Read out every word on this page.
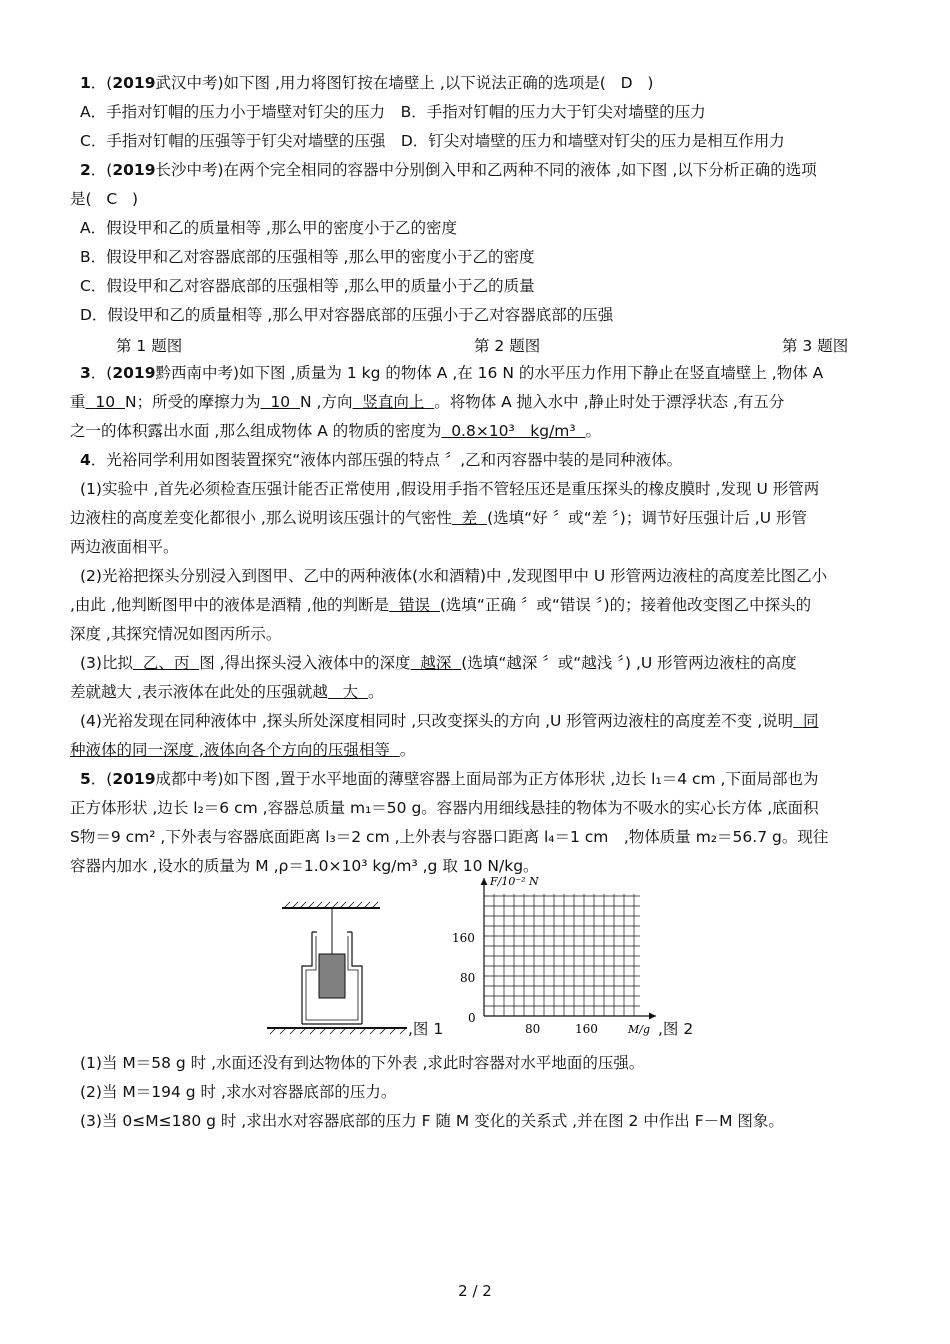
1．(2019武汉中考)如下图 ,用力将图钉按在墙壁上 ,以下说法正确的选项是( D )
A．手指对钉帽的压力小于墙壁对钉尖的压力　B．手指对钉帽的压力大于钉尖对墙壁的压力
C．手指对钉帽的压强等于钉尖对墙壁的压强　D．钉尖对墙壁的压力和墙壁对钉尖的压力是相互作用力
2．(2019长沙中考)在两个完全相同的容器中分别倒入甲和乙两种不同的液体 ,如下图 ,以下分析正确的选项
是( C )
A．假设甲和乙的质量相等 ,那么甲的密度小于乙的密度
B．假设甲和乙对容器底部的压强相等 ,那么甲的密度小于乙的密度
C．假设甲和乙对容器底部的压强相等 ,那么甲的质量小于乙的质量
D．假设甲和乙的质量相等 ,那么甲对容器底部的压强小于乙对容器底部的压强
第 1 题图	第 2 题图	第 3 题图
3．(2019黔西南中考)如下图 ,质量为 1 kg 的物体 A ,在 16 N 的水平压力作用下静止在竖直墙壁上 ,物体 A
重 10 N；所受的摩擦力为 10 N ,方向 竖直向上 。将物体 A 抛入水中 ,静止时处于漂浮状态 ,有五分
之一的体积露出水面 ,那么组成物体 A 的物质的密度为 0.8×10³　kg/m³ 。
4．光裕同学利用如图装置探究“液体内部压强的特点 〞,乙和丙容器中装的是同种液体。
(1)实验中 ,首先必须检查压强计能否正常使用 ,假设用手指不管轻压还是重压探头的橡皮膜时 ,发现 U 形管两
边液柱的高度差变化都很小 ,那么说明该压强计的气密性 差 (选填“好 〞或“差 〞)；调节好压强计后 ,U 形管
两边液面相平。
(2)光裕把探头分别浸入到图甲、乙中的两种液体(水和酒精)中 ,发现图甲中 U 形管两边液柱的高度差比图乙小
,由此 ,他判断图甲中的液体是酒精 ,他的判断是 错误 (选填“正确 〞或“错误 〞)的；接着他改变图乙中探头的
深度 ,其探究情况如图丙所示。
(3)比拟 乙、丙 图 ,得出探头浸入液体中的深度 越深 (选填“越深 〞或“越浅 〞) ,U 形管两边液柱的高度
差就越大 ,表示液体在此处的压强就越 大 。
(4)光裕发现在同种液体中 ,探头所处深度相同时 ,只改变探头的方向 ,U 形管两边液柱的高度差不变 ,说明 同
种液体的同一深度 ,液体向各个方向的压强相等 。
5．(2019成都中考)如下图 ,置于水平地面的薄壁容器上面局部为正方体形状 ,边长 l₁＝4 cm ,下面局部也为
正方体形状 ,边长 l₂＝6 cm ,容器总质量 m₁＝50 g。容器内用细线悬挂的物体为不吸水的实心长方体 ,底面积
S物＝9 cm² ,下外表与容器底面距离 l₃＝2 cm ,上外表与容器口距离 l₄＝1 cm　,物体质量 m₂＝56.7 g。现往
容器内加水 ,设水的质量为 M ,ρ＝1.0×10³ kg/m³ ,g 取 10 N/kg。
,图 1
F/10⁻² N
160
80
0
80	160	M/g ,图 2
(1)当 M＝58 g 时 ,水面还没有到达物体的下外表 ,求此时容器对水平地面的压强。
(2)当 M＝194 g 时 ,求水对容器底部的压力。
(3)当 0≤M≤180 g 时 ,求出水对容器底部的压力 F 随 M 变化的关系式 ,并在图 2 中作出 F－M 图象。
2 / 2
